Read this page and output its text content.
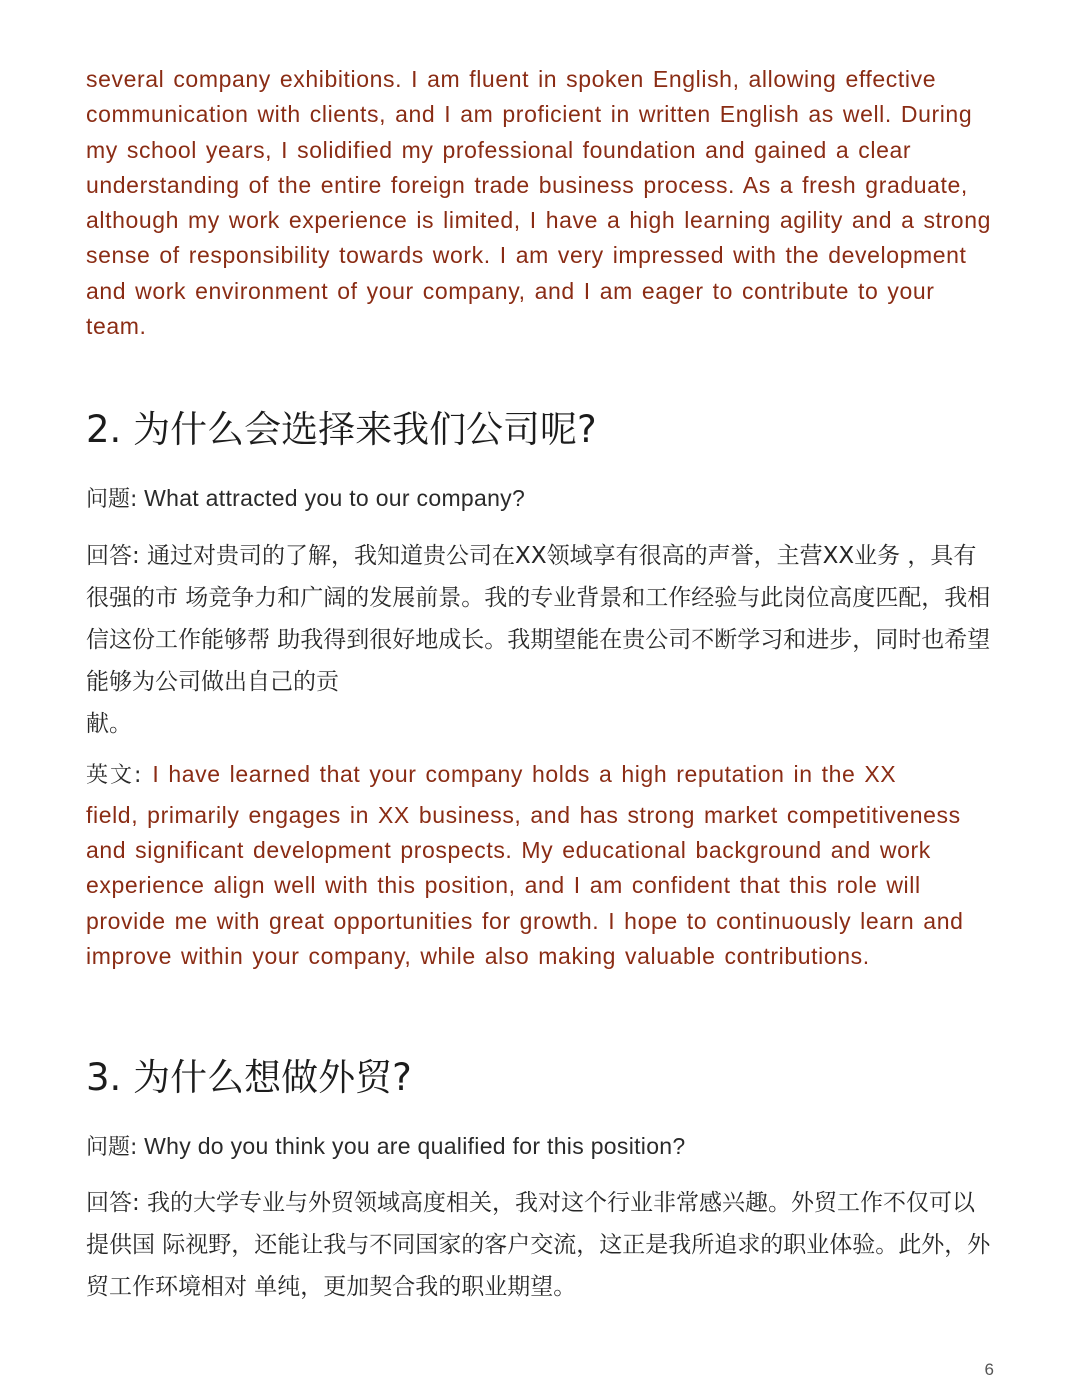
several company exhibitions. I am fluent in spoken English, allowing effective communication with clients, and I am proficient in written English as well. During my school years, I solidified my professional foundation and gained a clear understanding of the entire foreign trade business process. As a fresh graduate, although my work experience is limited, I have a high learning agility and a strong sense of responsibility towards work. I am very impressed with the development and work environment of your company, and I am eager to contribute to your team.

2. 为什么会选择来我们公司呢?

问题: What attracted you to our company?

回答: 通过对贵司的了解，我知道贵公司在XX领域享有很高的声誉，主营XX业务 ，具有很强的市 场竞争力和广阔的发展前景。我的专业背景和工作经验与此岗位高度匹配，我相信这份工作能够帮 助我得到很好地成长。我期望能在贵公司不断学习和进步，同时也希望能够为公司做出自己的贡
献。
英文: I have learned that your company holds a high reputation in the XX
field, primarily engages in XX business, and has strong market competitiveness and significant development prospects. My educational background and work experience align well with this position, and I am confident that this role will provide me with great opportunities for growth. I hope to continuously learn and improve within your company, while also making valuable contributions.
3. 为什么想做外贸?

问题: Why do you think you are qualified for this position?

回答: 我的大学专业与外贸领域高度相关，我对这个行业非常感兴趣。外贸工作不仅可以提供国 际视野，还能让我与不同国家的客户交流，这正是我所追求的职业体验。此外，外贸工作环境相对 单纯，更加契合我的职业期望。
6
